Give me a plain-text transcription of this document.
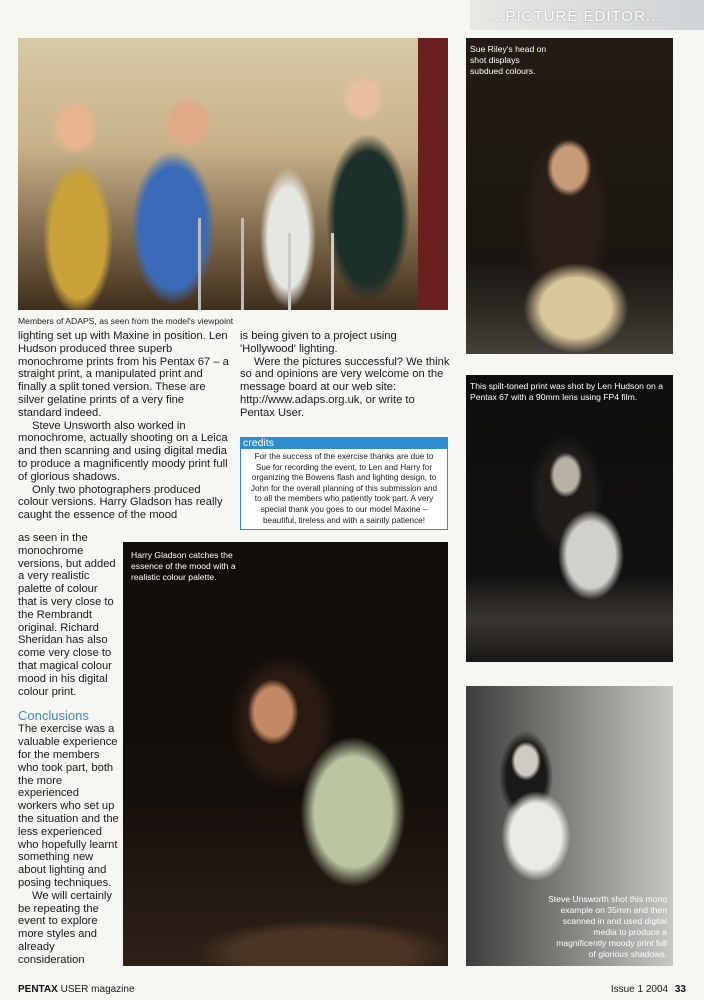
...PICTURE EDITOR...
Members of ADAPS, as seen from the model's viewpoint
Sue Riley's head on shot displays subdued colours.
This spilt-toned print was shot by Len Hudson on a Pentax 67 with a 90mm lens using FP4 film.
Steve Unsworth shot this mono example on 35mm and then scanned in and used digital media to produce a magnificently moody print full of glorious shadows.
Harry Gladson catches the essence of the mood with a realistic colour palette.

lighting set up with Maxine in position. Len Hudson produced three superb monochrome prints from his Pentax 67 – a straight print, a manipulated print and finally a split toned version. These are silver gelatine prints of a very fine standard indeed.

Steve Unsworth also worked in monochrome, actually shooting on a Leica and then scanning and using digital media to produce a magnificently moody print full of glorious shadows.

Only two photographers produced colour versions. Harry Gladson has really caught the essence of the mood

as seen in the monochrome versions, but added a very realistic palette of colour that is very close to the Rembrandt original. Richard Sheridan has also come very close to that magical colour mood in his digital colour print.

Conclusions

The exercise was a valuable experience for the members who took part, both the more experienced workers who set up the situation and the less experienced who hopefully learnt something new about lighting and posing techniques.

We will certainly be repeating the event to explore more styles and already consideration

is being given to a project using 'Hollywood' lighting.

Were the pictures successful? We think so and opinions are very welcome on the message board at our web site: http://www.adaps.org.uk, or write to Pentax User.

credits
For the success of the exercise thanks are due to Sue for recording the event, to Len and Harry for organizing the Bowens flash and lighting design, to John for the overall planning of this submission and to all the members who patiently took part. A very special thank you goes to our model Maxine – beautiful, tireless and with a saintly patience!
PENTAX USER magazine	Issue 1 2004 33
